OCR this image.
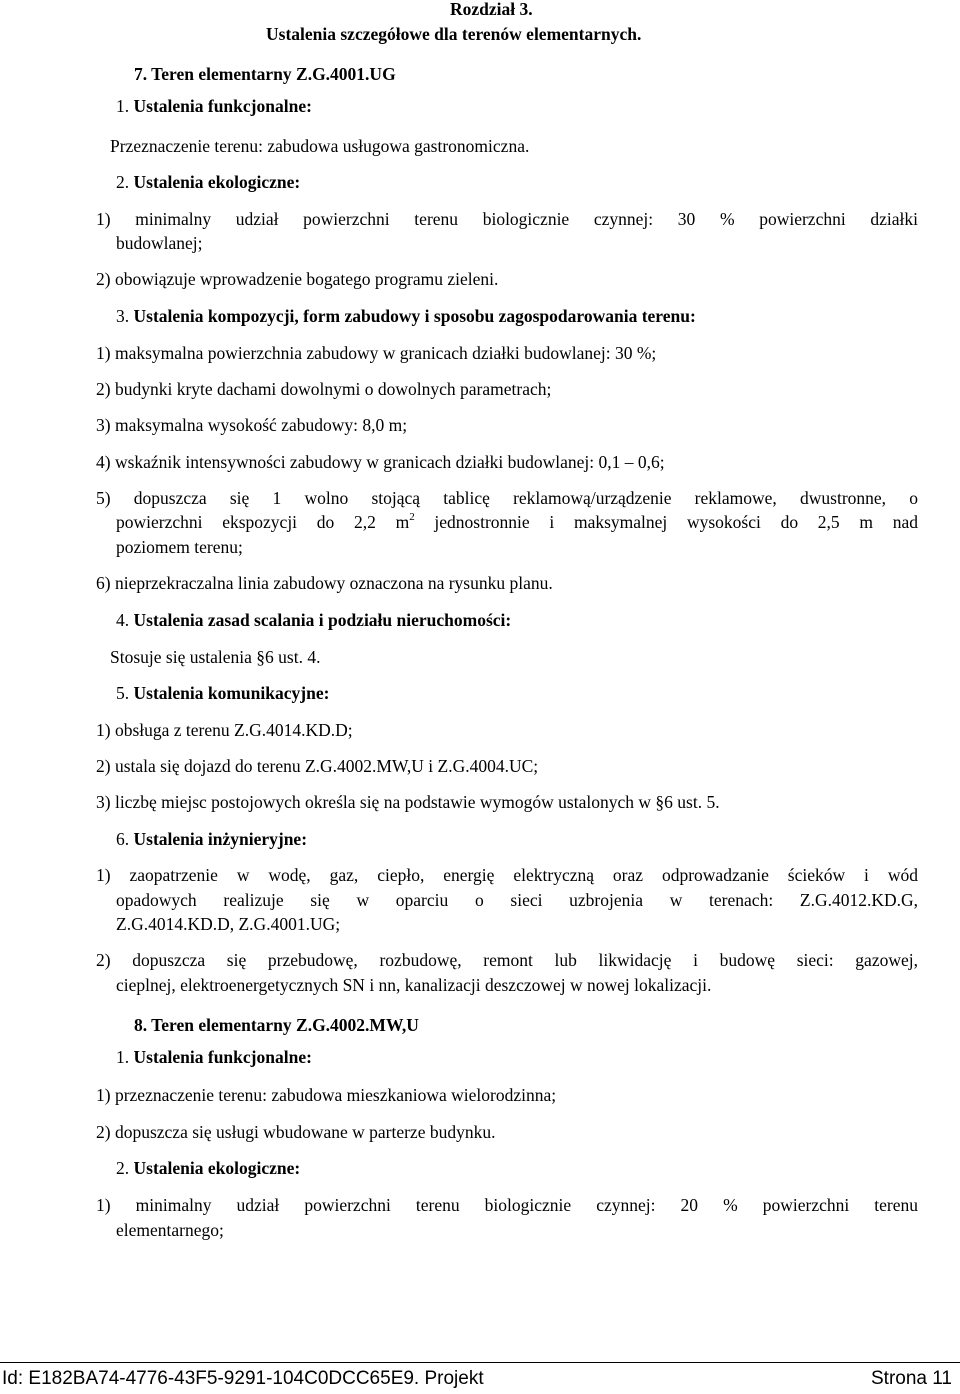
Rozdział 3.
Ustalenia szczegółowe dla terenów elementarnych.
7. Teren elementarny Z.G.4001.UG
1. Ustalenia funkcjonalne:
Przeznaczenie terenu: zabudowa usługowa gastronomiczna.
2. Ustalenia ekologiczne:
1) minimalny udział powierzchni terenu biologicznie czynnej: 30 % powierzchni działki
budowlanej;
2) obowiązuje wprowadzenie bogatego programu zieleni.
3. Ustalenia kompozycji, form zabudowy i sposobu zagospodarowania terenu:
1) maksymalna powierzchnia zabudowy w granicach działki budowlanej: 30 %;
2) budynki kryte dachami dowolnymi o dowolnych parametrach;
3) maksymalna wysokość zabudowy: 8,0 m;
4) wskaźnik intensywności zabudowy w granicach działki budowlanej: 0,1 – 0,6;
5) dopuszcza się 1 wolno stojącą tablicę reklamową/urządzenie reklamowe, dwustronne, o
powierzchni ekspozycji do 2,2 $m^2$ jednostronnie i maksymalnej wysokości do 2,5 m nad
poziomem terenu;
6) nieprzekraczalna linia zabudowy oznaczona na rysunku planu.
4. Ustalenia zasad scalania i podziału nieruchomości:
Stosuje się ustalenia §6 ust. 4.
5. Ustalenia komunikacyjne:
1) obsługa z terenu Z.G.4014.KD.D;
2) ustala się dojazd do terenu Z.G.4002.MW,U i Z.G.4004.UC;
3) liczbę miejsc postojowych określa się na podstawie wymogów ustalonych w §6 ust. 5.
6. Ustalenia inżynieryjne:
1) zaopatrzenie w wodę, gaz, ciepło, energię elektryczną oraz odprowadzanie ścieków i wód
opadowych realizuje się w oparciu o sieci uzbrojenia w terenach: Z.G.4012.KD.G,
Z.G.4014.KD.D, Z.G.4001.UG;
2) dopuszcza się przebudowę, rozbudowę, remont lub likwidację i budowę sieci: gazowej,
cieplnej, elektroenergetycznych SN i nn, kanalizacji deszczowej w nowej lokalizacji.
8. Teren elementarny Z.G.4002.MW,U
1. Ustalenia funkcjonalne:
1) przeznaczenie terenu: zabudowa mieszkaniowa wielorodzinna;
2) dopuszcza się usługi wbudowane w parterze budynku.
2. Ustalenia ekologiczne:
1) minimalny udział powierzchni terenu biologicznie czynnej: 20 % powierzchni terenu
elementarnego;
Id: E182BA74-4776-43F5-9291-104C0DCC65E9. Projekt	Strona 11
